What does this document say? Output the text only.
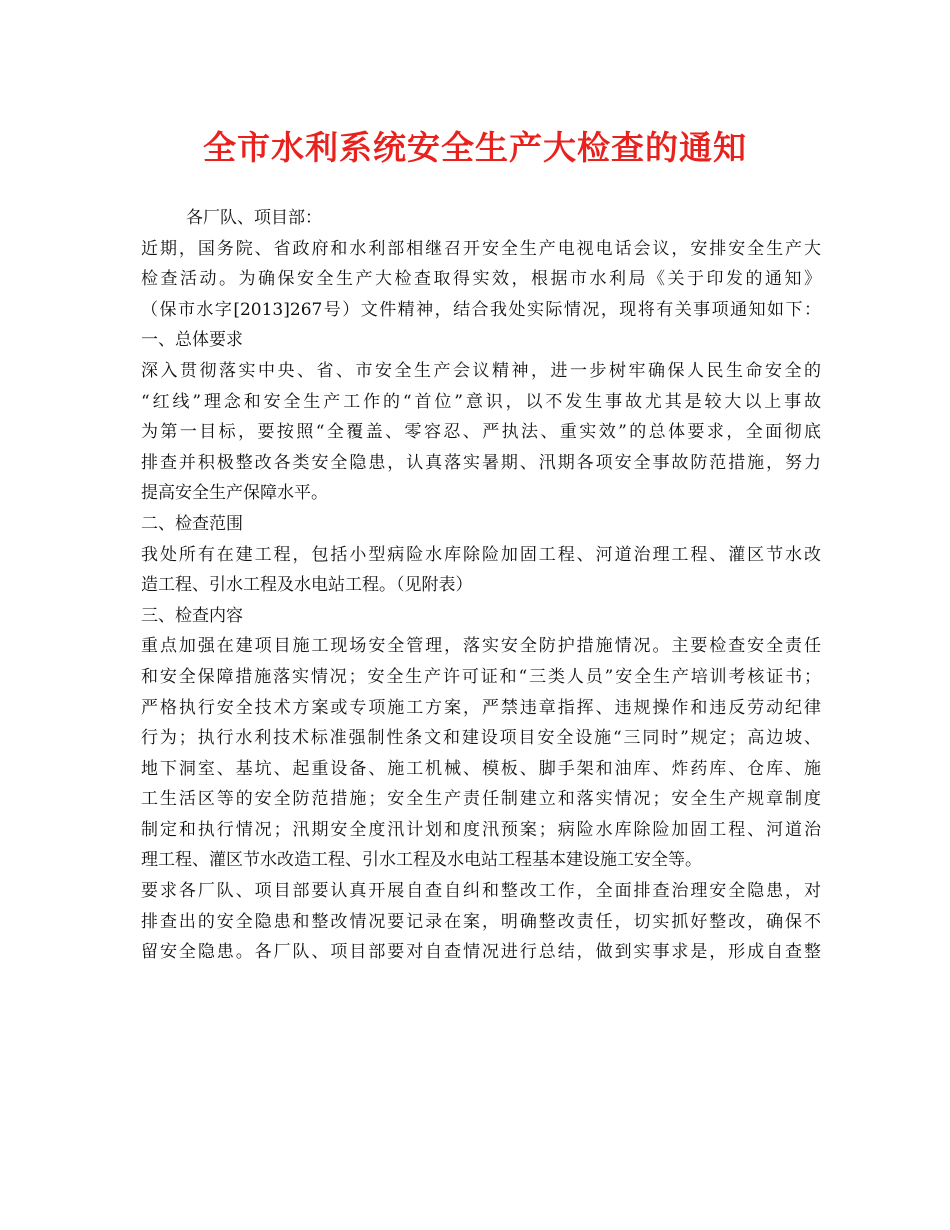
全市水利系统安全生产大检查的通知

各厂队、项目部：

近期，国务院、省政府和水利部相继召开安全生产电视电话会议，安排安全生产大

检查活动。为确保安全生产大检查取得实效，根据市水利局《关于印发的通知》

（保市水字[2013]267号）文件精神，结合我处实际情况，现将有关事项通知如下：

一、总体要求

深入贯彻落实中央、省、市安全生产会议精神，进一步树牢确保人民生命安全的

“红线”理念和安全生产工作的“首位”意识，以不发生事故尤其是较大以上事故

为第一目标，要按照“全覆盖、零容忍、严执法、重实效”的总体要求，全面彻底

排查并积极整改各类安全隐患，认真落实暑期、汛期各项安全事故防范措施，努力

提高安全生产保障水平。

二、检查范围

我处所有在建工程，包括小型病险水库除险加固工程、河道治理工程、灌区节水改

造工程、引水工程及水电站工程。（见附表）

三、检查内容

重点加强在建项目施工现场安全管理，落实安全防护措施情况。主要检查安全责任

和安全保障措施落实情况；安全生产许可证和“三类人员”安全生产培训考核证书；

严格执行安全技术方案或专项施工方案，严禁违章指挥、违规操作和违反劳动纪律

行为；执行水利技术标准强制性条文和建设项目安全设施“三同时”规定；高边坡、

地下洞室、基坑、起重设备、施工机械、模板、脚手架和油库、炸药库、仓库、施

工生活区等的安全防范措施；安全生产责任制建立和落实情况；安全生产规章制度

制定和执行情况；汛期安全度汛计划和度汛预案；病险水库除险加固工程、河道治

理工程、灌区节水改造工程、引水工程及水电站工程基本建设施工安全等。

要求各厂队、项目部要认真开展自查自纠和整改工作，全面排查治理安全隐患，对

排查出的安全隐患和整改情况要记录在案，明确整改责任，切实抓好整改，确保不

留安全隐患。各厂队、项目部要对自查情况进行总结，做到实事求是，形成自查整
